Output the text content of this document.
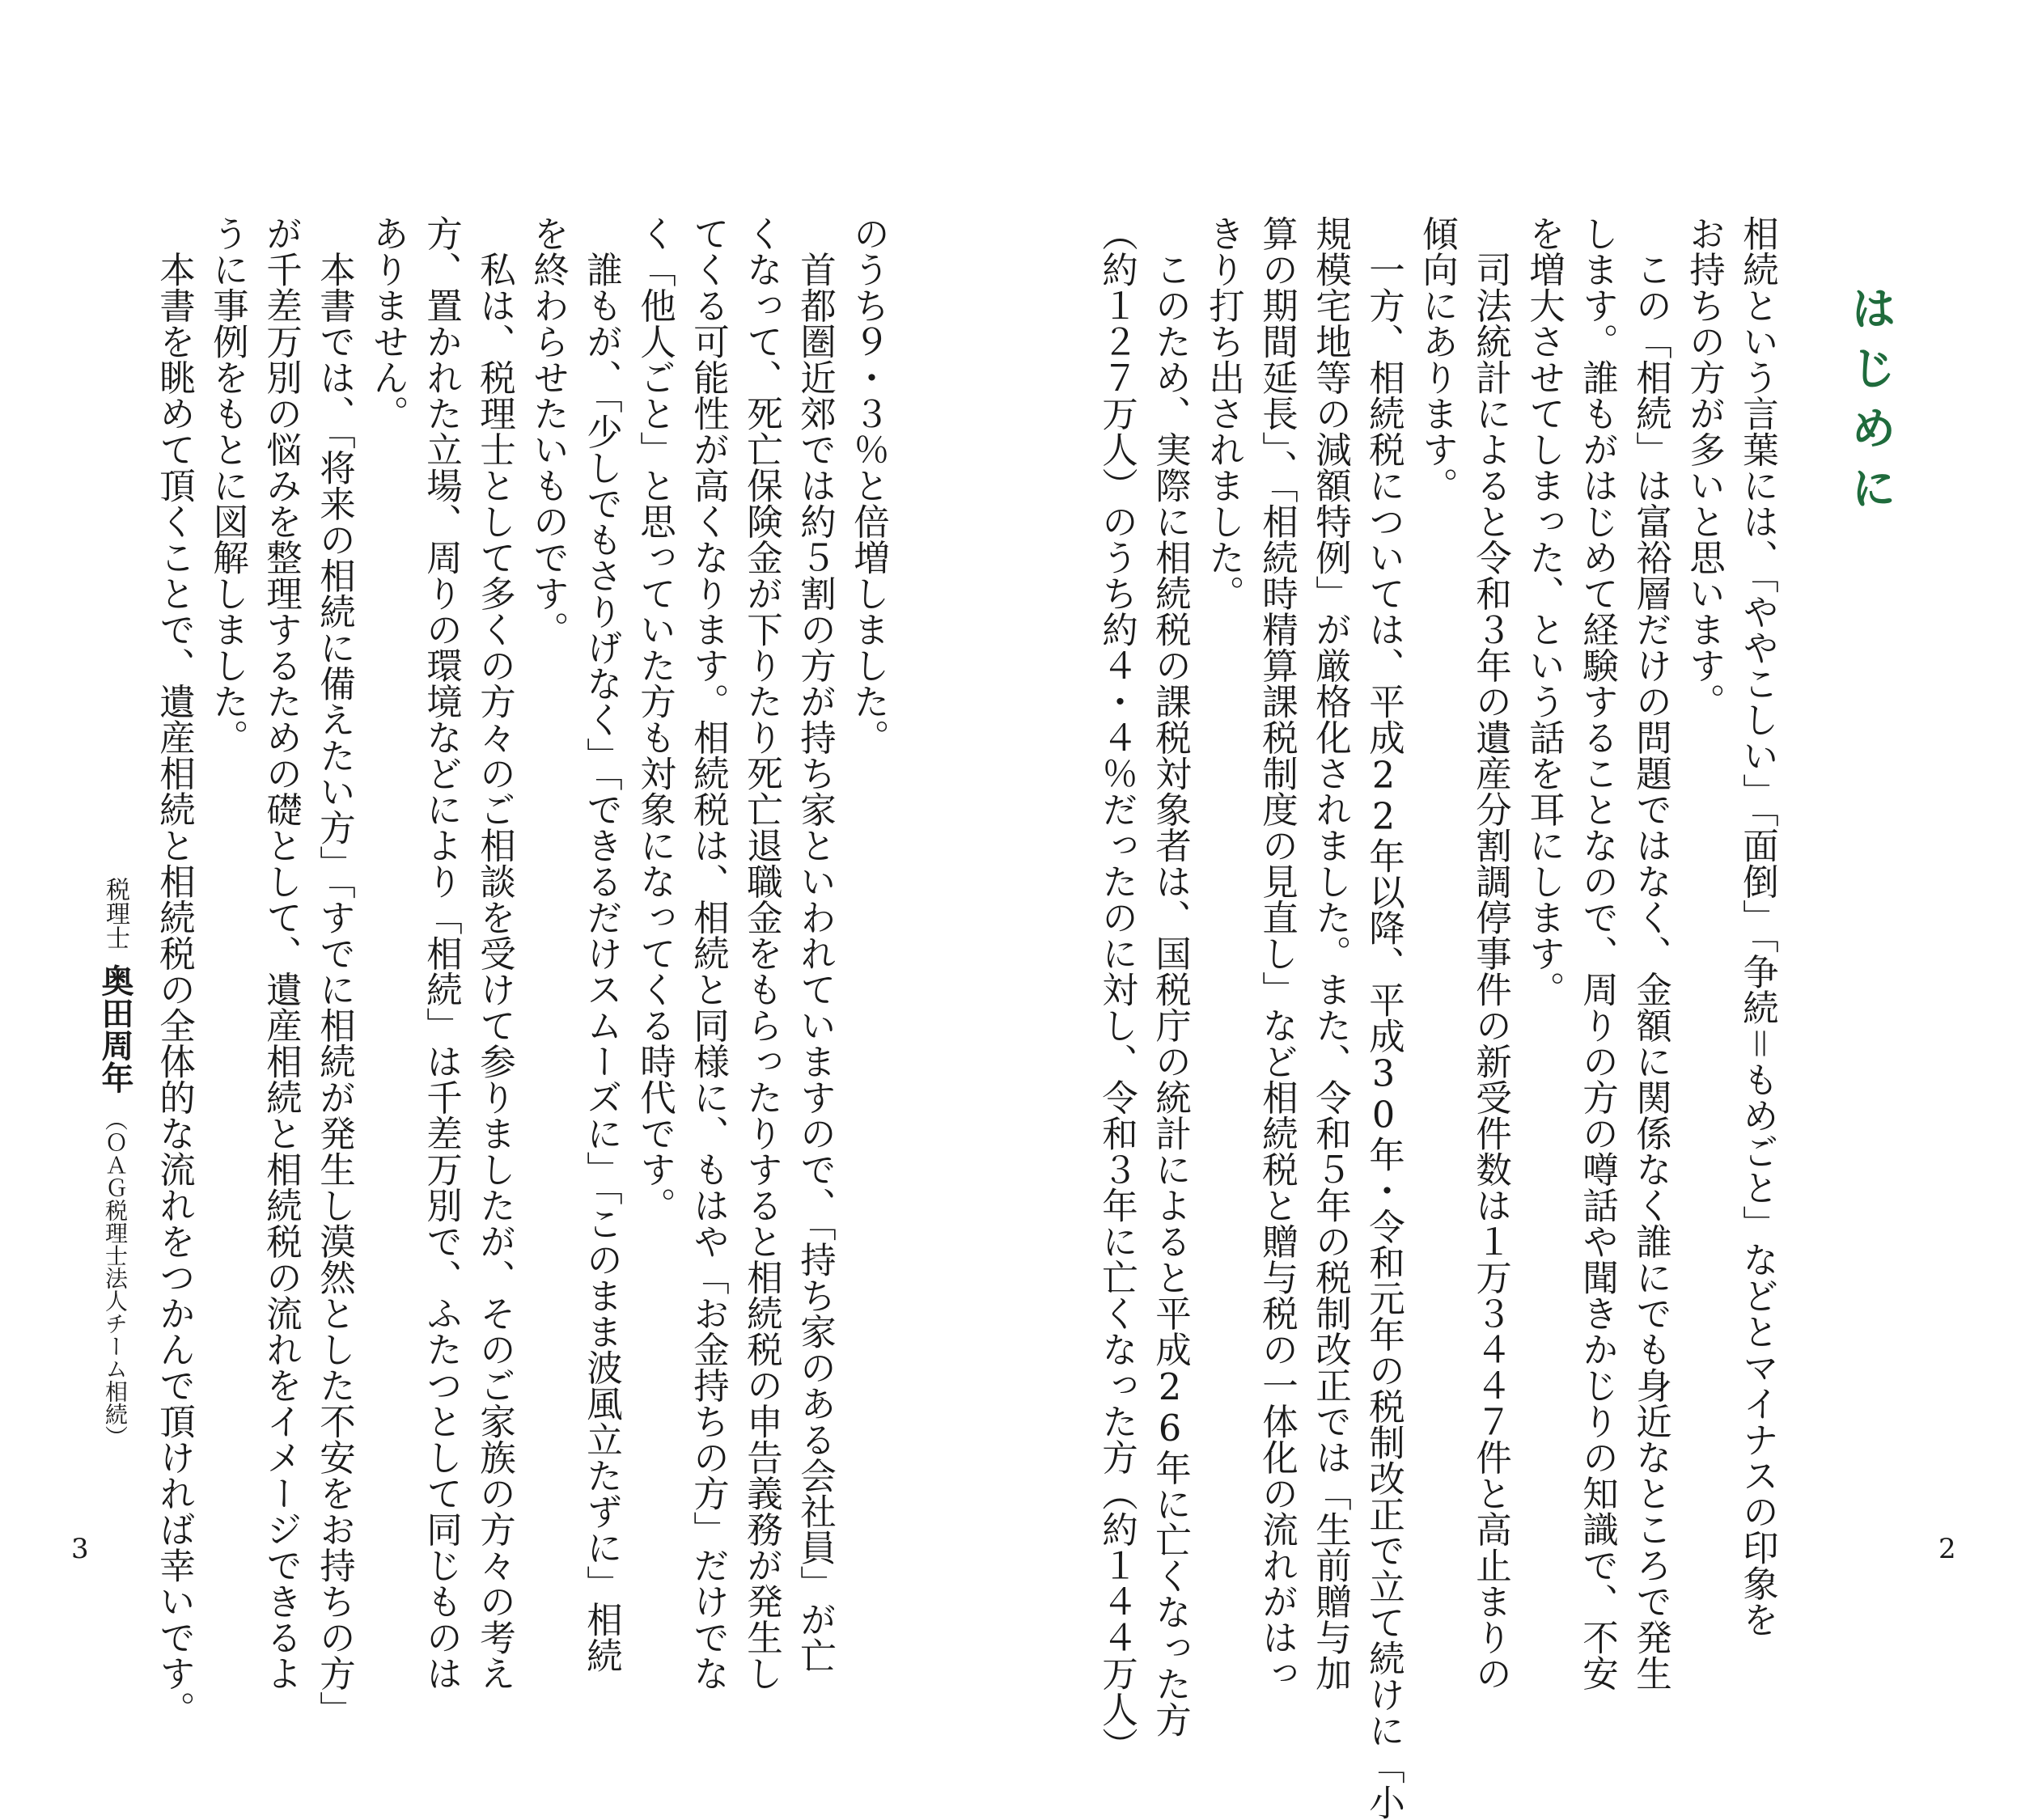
のうち９・３％と倍増しました。
　首都圏近郊では約５割の方が持ち家といわれていますので、「持ち家のある会社員」が亡
くなって、死亡保険金が下りたり死亡退職金をもらったりすると相続税の申告義務が発生し
てくる可能性が高くなります。相続税は、相続と同様に、もはや「お金持ちの方」だけでな
く「他人ごと」と思っていた方も対象になってくる時代です。
　誰もが、「少しでもさりげなく」「できるだけスムーズに」「このまま波風立たずに」相続
を終わらせたいものです。
　私は、税理士として多くの方々のご相談を受けて参りましたが、そのご家族の方々の考え
方、置かれた立場、周りの環境などにより「相続」は千差万別で、ふたつとして同じものは
ありません。
　本書では、「将来の相続に備えたい方」「すでに相続が発生し漠然とした不安をお持ちの方」
が千差万別の悩みを整理するための礎として、遺産相続と相続税の流れをイメージできるよ
うに事例をもとに図解しました。
　本書を眺めて頂くことで、遺産相続と相続税の全体的な流れをつかんで頂ければ幸いです。
税理士奥田周年（ＯＡＧ税理士法人チーム相続）
3
はじめに
相続という言葉には、「ややこしい」「面倒」「争続＝もめごと」などとマイナスの印象を
お持ちの方が多いと思います。
　この「相続」は富裕層だけの問題ではなく、金額に関係なく誰にでも身近なところで発生
します。誰もがはじめて経験することなので、周りの方の噂話や聞きかじりの知識で、不安
を増大させてしまった、という話を耳にします。
　司法統計によると令和３年の遺産分割調停事件の新受件数は１万３４４７件と高止まりの
傾向にあります。
　一方、相続税については、平成22年以降、平成30年・令和元年の税制改正で立て続けに「小
規模宅地等の減額特例」が厳格化されました。また、令和５年の税制改正では「生前贈与加
算の期間延長」、「相続時精算課税制度の見直し」など相続税と贈与税の一体化の流れがはっ
きり打ち出されました。
　このため、実際に相続税の課税対象者は、国税庁の統計によると平成26年に亡くなった方
（約１２７万人）のうち約４・４％だったのに対し、令和３年に亡くなった方（約１４４万人）	2
